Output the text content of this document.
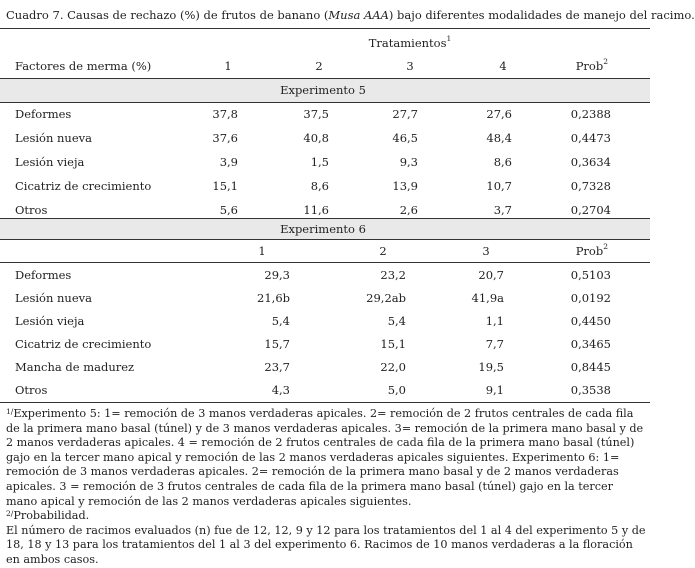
Cuadro 7. Causas de rechazo (%) de frutos de banano (Musa AAA) bajo diferentes modalidades de manejo del racimo.
Tratamientos$^1$
Factores de merma (%)	1	2	3	4	Prob$^2$
Experimento 5
Deformes	37,8	37,5	27,7	27,6	0,2388
Lesión nueva	37,6	40,8	46,5	48,4	0,4473
Lesión vieja	3,9	1,5	9,3	8,6	0,3634
Cicatriz de crecimiento	15,1	8,6	13,9	10,7	0,7328
Otros	5,6	11,6	2,6	3,7	0,2704
Experimento 6
1	2	3	Prob$^2$
Deformes	29,3	23,2	20,7	0,5103
Lesión nueva	21,6b	29,2ab	41,9a	0,0192
Lesión vieja	5,4	5,4	1,1	0,4450
Cicatriz de crecimiento	15,7	15,1	7,7	0,3465
Mancha de madurez	23,7	22,0	19,5	0,8445
Otros	4,3	5,0	9,1	0,3538

$^{1/}$Experimento 5: 1= remoción de 3 manos verdaderas apicales. 2= remoción de 2 frutos centrales de cada fila de la primera mano basal (túnel) y de 3 manos verdaderas apicales. 3= remoción de la primera mano basal y de 2 manos verdaderas apicales. 4 = remoción de 2 frutos centrales de cada fila de la primera mano basal (túnel) gajo en la tercer mano apical y remoción de las 2 manos verdaderas apicales siguientes. Experimento 6: 1= remoción de 3 manos verdaderas apicales. 2= remoción de la primera mano basal y de 2 manos verdaderas apicales. 3 = remoción de 3 frutos centrales de cada fila de la primera mano basal (túnel) gajo en la tercer mano apical y remoción de las 2 manos verdaderas apicales siguientes.

$^{2/}$Probabilidad.

El número de racimos evaluados (n) fue de 12, 12, 9 y 12 para los tratamientos del 1 al 4 del experimento 5 y de 18, 18 y 13 para los tratamientos del 1 al 3 del experimento 6. Racimos de 10 manos verdaderas a la floración en ambos casos.
